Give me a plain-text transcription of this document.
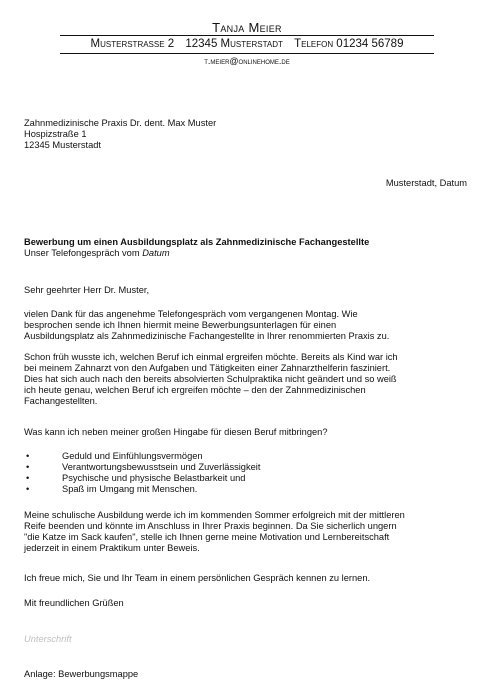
Tanja Meier
Musterstrasse 2 12345 Musterstadt Telefon 01234 56789
t.meier@onlinehome.de
Zahnmedizinische Praxis Dr. dent. Max Muster
Hospizstraße 1
12345 Musterstadt
Musterstadt, Datum
Bewerbung um einen Ausbildungsplatz als Zahnmedizinische Fachangestellte
Unser Telefongespräch vom Datum
Sehr geehrter Herr Dr. Muster,
vielen Dank für das angenehme Telefongespräch vom vergangenen Montag. Wie
besprochen sende ich Ihnen hiermit meine Bewerbungsunterlagen für einen
Ausbildungsplatz als Zahnmedizinische Fachangestellte in Ihrer renommierten Praxis zu.
Schon früh wusste ich, welchen Beruf ich einmal ergreifen möchte. Bereits als Kind war ich
bei meinem Zahnarzt von den Aufgaben und Tätigkeiten einer Zahnarzthelferin fasziniert.
Dies hat sich auch nach den bereits absolvierten Schulpraktika nicht geändert und so weiß
ich heute genau, welchen Beruf ich ergreifen möchte – den der Zahnmedizinischen
Fachangestellten.
Was kann ich neben meiner großen Hingabe für diesen Beruf mitbringen?
•	Geduld und Einfühlungsvermögen
•	Verantwortungsbewusstsein und Zuverlässigkeit
•	Psychische und physische Belastbarkeit und
•	Spaß im Umgang mit Menschen.
Meine schulische Ausbildung werde ich im kommenden Sommer erfolgreich mit der mittleren
Reife beenden und könnte im Anschluss in Ihrer Praxis beginnen. Da Sie sicherlich ungern
"die Katze im Sack kaufen", stelle ich Ihnen gerne meine Motivation und Lernbereitschaft
jederzeit in einem Praktikum unter Beweis.
Ich freue mich, Sie und Ihr Team in einem persönlichen Gespräch kennen zu lernen.
Mit freundlichen Grüßen
Unterschrift
Anlage: Bewerbungsmappe
